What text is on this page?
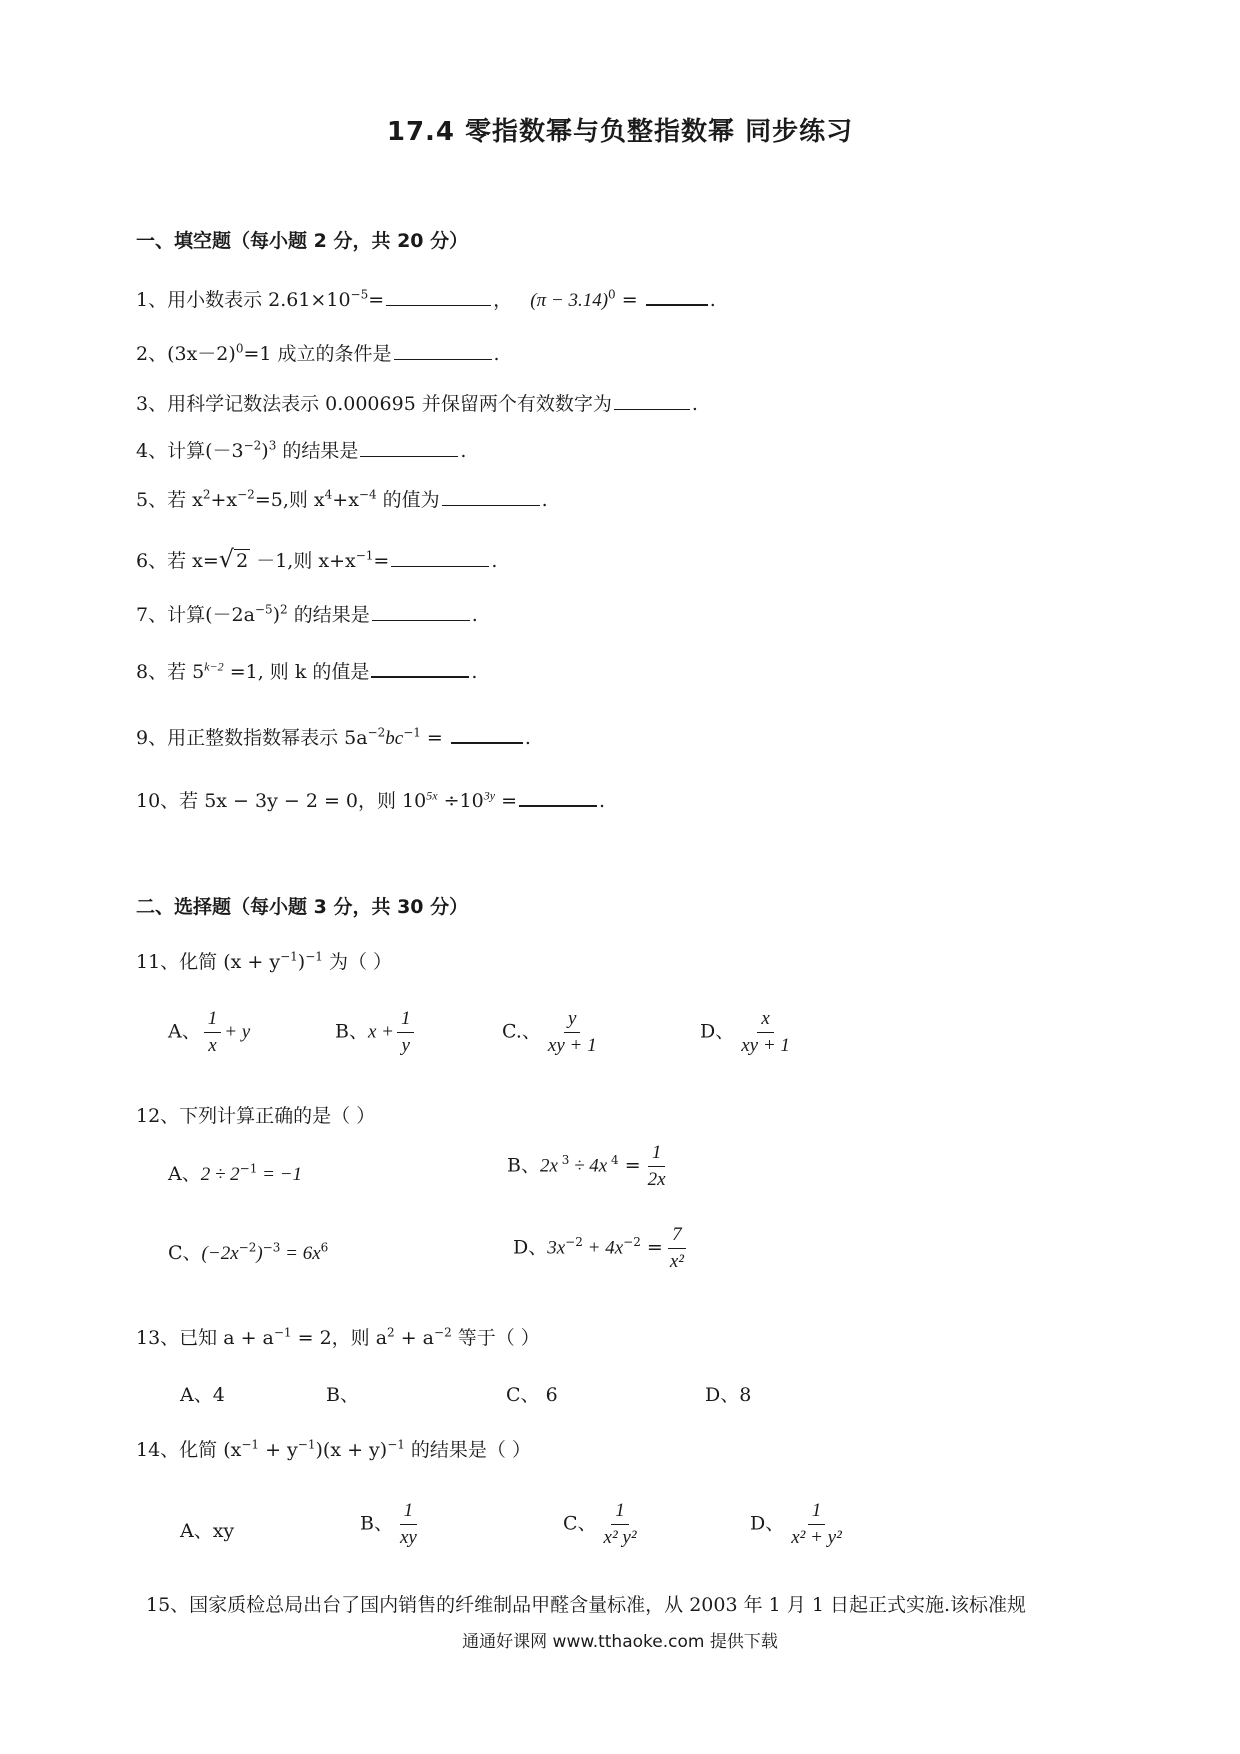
17.4 零指数幂与负整指数幂 同步练习
一、填空题（每小题 2 分，共 20 分）
1、用小数表示 $2.61\times 10^{-5}=$	， $(\pi - 3.14)^0$ =	.
2、$(3x-2)^0=1$ 成立的条件是	.
3、用科学记数法表示 0.000695 并保留两个有效数字为	.
4、计算$(-3^{-2})^3$ 的结果是	.
5、若 $x^2+x^{-2}=5$,则 $x^4+x^{-4}$ 的值为	.
6、若 x=√ 2 －1,则 $x+x^{-1}=$	.
7、计算$(-2a^{-5})^2$ 的结果是	.
8、若 $5^{k-2} =1$, 则 k 的值是	.
9、用正整数指数幂表示 $5a^{-2}bc^{-1}$ =	.
10、若 5x − 3y − 2 = 0，则 $10^{5x} \div 10^{3y}$ =	.
二、选择题（每小题 3 分，共 30 分）
11、化简 $(x + y^{-1})^{-1}$ 为（ ）
A、 $\frac{1}{x} + y$	B、$x + \frac{1}{y}$	C.、 $\frac{y}{xy + 1}$	D、 $\frac{x}{xy + 1}$
12、下列计算正确的是（ ）
A、$2 \div 2^{-1} = -1$	B、2x $^3$ ÷ 4x $^4 = \frac{1}{2x}$
C、$(-2x^{-2})^{-3} = 6x^6$	D、$3x^{-2} + 4x^{-2} = \frac{7}{\text{x²}}$
13、已知 $a + a^{-1} = 2$，则 $a^2 + a^{-2}$ 等于（ ）
A、4	B、	C、 6	D、8
14、化简 $(x^{-1} + y^{-1})(x + y)^{-1}$ 的结果是（ ）
A、xy	B、 $\frac{1}{xy}$	C、 $\frac{1}{\text{x² y²}}$	D、 $\frac{1}{\text{x² + y²}}$
15、国家质检总局出台了国内销售的纤维制品甲醛含量标准，从 2003 年 1 月 1 日起正式实施.该标准规
通通好课网 www.tthaoke.com 提供下载
